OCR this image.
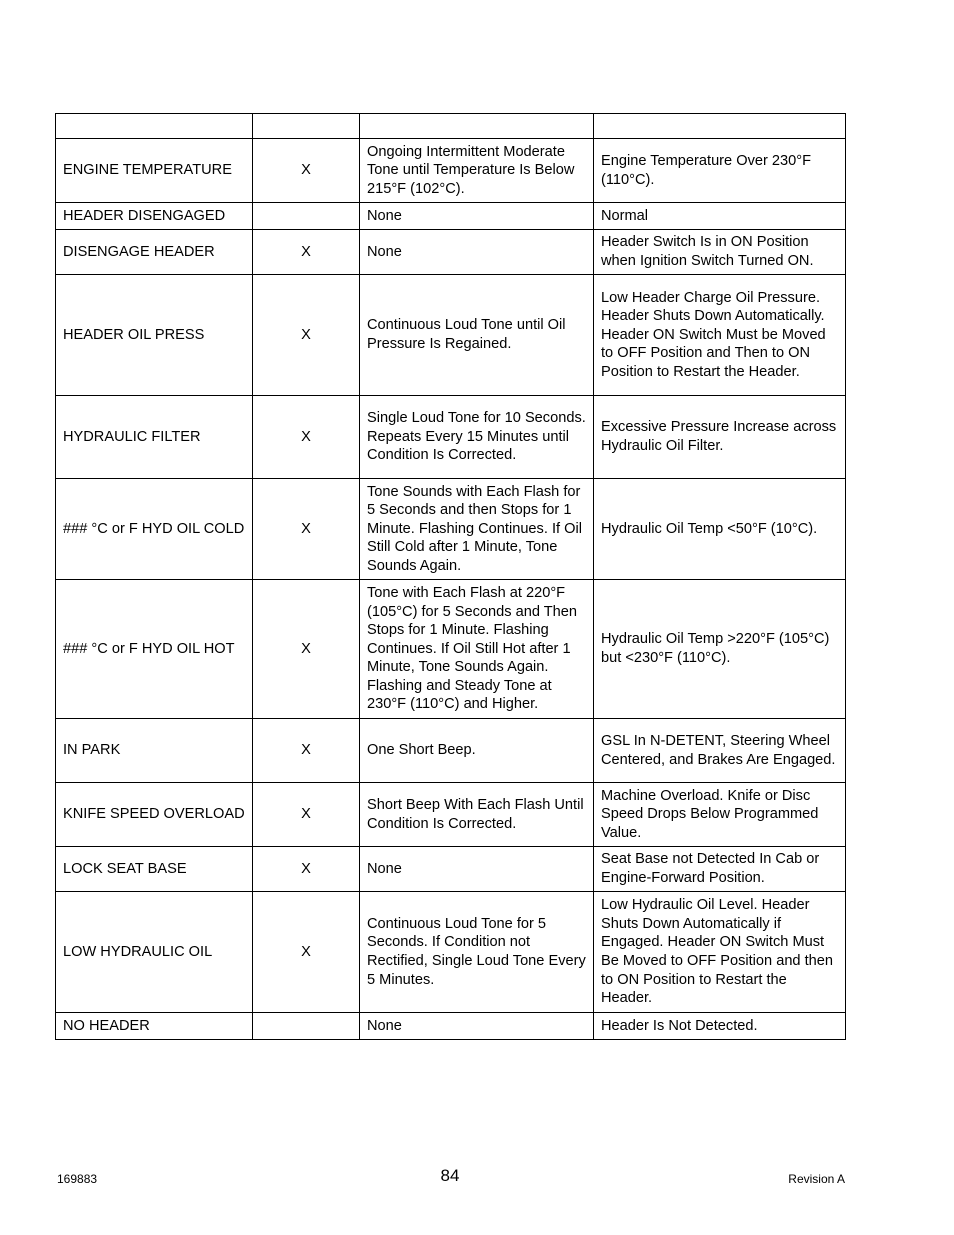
ENGINE TEMPERATURE	X	Ongoing Intermittent Moderate Tone until Temperature Is Below 215°F (102°C).	Engine Temperature Over 230°F (110°C).
HEADER DISENGAGED		None	Normal
DISENGAGE HEADER	X	None	Header Switch Is in ON Position when Ignition Switch Turned ON.
HEADER OIL PRESS	X	Continuous Loud Tone until Oil Pressure Is Regained.	Low Header Charge Oil Pressure. Header Shuts Down Automatically. Header ON Switch Must be Moved to OFF Position and Then to ON Position to Restart the Header.
HYDRAULIC FILTER	X	Single Loud Tone for 10 Seconds. Repeats Every 15 Minutes until Condition Is Corrected.	Excessive Pressure Increase across Hydraulic Oil Filter.
### °C or F HYD OIL COLD	X	Tone Sounds with Each Flash for 5 Seconds and then Stops for 1 Minute. Flashing Continues. If Oil Still Cold after 1 Minute, Tone Sounds Again.	Hydraulic Oil Temp <50°F (10°C).
### °C or F HYD OIL HOT	X	Tone with Each Flash at 220°F (105°C) for 5 Seconds and Then Stops for 1 Minute. Flashing Continues. If Oil Still Hot after 1 Minute, Tone Sounds Again. Flashing and Steady Tone at 230°F (110°C) and Higher.	Hydraulic Oil Temp >220°F (105°C) but <230°F (110°C).
IN PARK	X	One Short Beep.	GSL In N-DETENT, Steering Wheel Centered, and Brakes Are Engaged.
KNIFE SPEED OVERLOAD	X	Short Beep With Each Flash Until Condition Is Corrected.	Machine Overload. Knife or Disc Speed Drops Below Programmed Value.
LOCK SEAT BASE	X	None	Seat Base not Detected In Cab or Engine-Forward Position.
LOW HYDRAULIC OIL	X	Continuous Loud Tone for 5 Seconds. If Condition not Rectified, Single Loud Tone Every 5 Minutes.	Low Hydraulic Oil Level. Header Shuts Down Automatically if Engaged. Header ON Switch Must Be Moved to OFF Position and then to ON Position to Restart the Header.
NO HEADER		None	Header Is Not Detected.
169883	84	Revision A
